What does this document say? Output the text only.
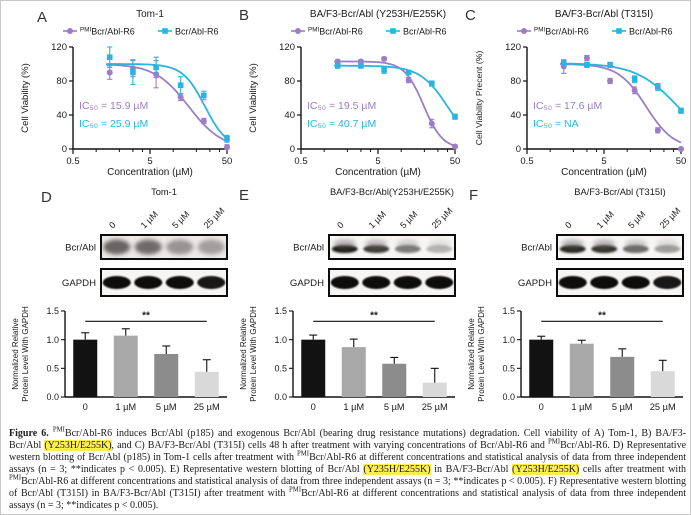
A	B	C
D	E	F
Tom-1
$^{PMI}$Bcr/Abl-R6	Bcr/Abl-R6
0
40
80
120
0.5	5	50
Concentration (µM)
Cell Viability (%)	IC₅₀ = 15.9 µM
IC₅₀ = 25.9 µM
BA/F3-Bcr/Abl (Y253H/E255K)
$^{PMI}$Bcr/Abl-R6	Bcr/Abl-R6
0
40
80
120
0.5	5	50
Concentration (µM)
Cell Viability (%)	IC₅₀ = 19.5 µM
IC₅₀ = 40.7 µM
BA/F3-Bcr/Abl (T315I)
$^{PMI}$Bcr/Abl-R6	Bcr/Abl-R6
0
40
80
120
0.5	5	50
Concentration (µM)
Cell Viability Precent (%)	IC₅₀ = 17.6 µM
IC₅₀ = NA
Tom-1
0 1 µM 5 µM 25 µM
Bcr/Abl
GAPDH
BA/F3-Bcr/Abl(Y253H/E255K)
0 1 µM 5 µM 25 µM
Bcr/Abl
GAPDH
BA/F3-Bcr/Abl (T315I)
0 1 µM 5 µM 25 µM
Bcr/Abl
GAPDH
0.0
0.5
1.0
1.5
Normalized Relative Protein Level With GAPDH
0	1 µM 5 µM 25 µM
**
0.0
0.5
1.0
1.5
Normalized Relative Protein Level With GAPDH
0	1 µM 5 µM 25 µM
**
0.0
0.5
1.0
1.5
Normalized Relative Protein Level With GAPDH
0	1 µM 5 µM 25 µM
**
Figure 6. $^{PMI}$Bcr/Abl-R6 induces Bcr/Abl (p185) and exogenous Bcr/Abl (bearing drug resistance mutations) degradation. Cell viability of A) Tom-1, B) BA/F3-Bcr/Abl (Y253H/E255K), and C) BA/F3-Bcr/Abl (T315I) cells 48 h after treatment with varying concentrations of Bcr/Abl-R6 and $^{PMI}$Bcr/Abl-R6. D) Representative western blotting of Bcr/Abl (p185) in Tom-1 cells after treatment with $^{PMI}$Bcr/Abl-R6 at different concentrations and statistical analysis of data from three independent assays (n = 3; **indicates p < 0.005). E) Representative western blotting of Bcr/Abl (Y235H/E255K) in BA/F3-Bcr/Abl (Y253H/E255K) cells after treatment with $^{PMI}$Bcr/Abl-R6 at different concentrations and statistical analysis of data from three independent assays (n = 3; **indicates p < 0.005). F) Representative western blotting of Bcr/Abl (T315I) in BA/F3-Bcr/Abl (T315I) after treatment with $^{PMI}$Bcr/Abl-R6 at different concentrations and statistical analysis of data from three independent assays (n = 3; **indicates p < 0.005).
